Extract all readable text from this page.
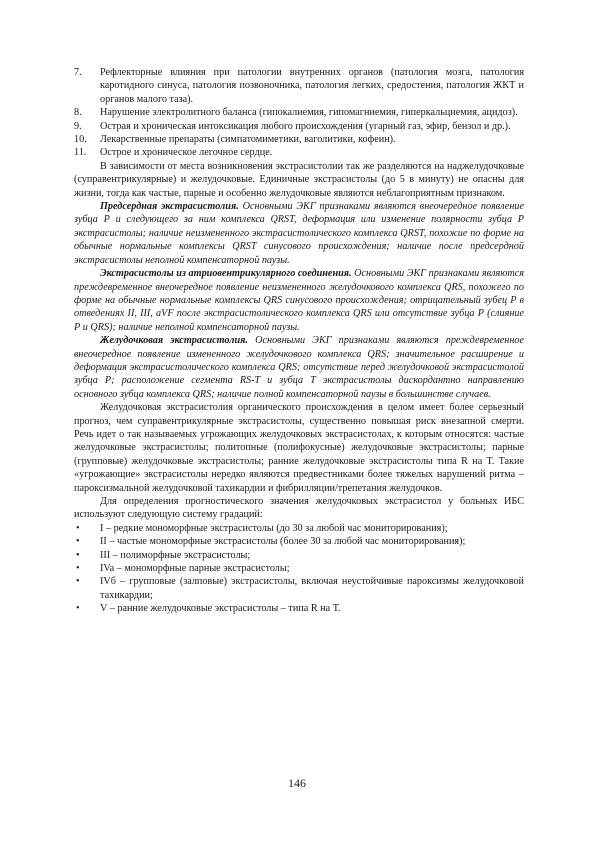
7.	Рефлекторные влияния при патологии внутренних органов (патология мозга, патология каротидного синуса, патология позвоночника, патология легких, средостения, патология ЖКТ и органов малого таза).
8.	Нарушение электролитного баланса (гипокалиемия, гипомагниемия, гиперкальциемия, ацидоз).
9.	Острая и хроническая интоксикация любого происхождения (угарный газ, эфир, бензол и др.).
10.	Лекарственные препараты (симпатомиметики, ваголитики, кофеин).
11.	Острое и хроническое легочное сердце.
В зависимости от места возникновения экстрасистолии так же разделяются на наджелудочковые (суправентрикулярные) и желудочковые. Единичные экстрасистолы (до 5 в минуту) не опасны для жизни, тогда как частые, парные и особенно желудочковые являются неблагоприятным признаком.
Предсердная экстрасистолия. Основными ЭКГ признаками являются внеочередное появление зубца Р и следующего за ним комплекса QRST, деформация или изменение полярности зубца Р экстрасистолы; наличие неизмененного экстрасистолического комплекса QRST, похожие по форме на обычные нормальные комплексы QRST синусового происхождения; наличие после предсердной экстрасистолы неполной компенсаторной паузы.
Экстрасистолы из атриовентрикулярного соединения. Основными ЭКГ признаками являются преждевременное внеочередное появление неизмененного желудочкового комплекса QRS, похожего по форме на обычные нормальные комплексы QRS синусового происхождения; отрицательный зубец Р в отведениях II, III, aVF после экстрасистолического комплекса QRS или отсутствие зубца Р (слияние Р и QRS); наличие неполной компенсаторной паузы.
Желудочковая экстрасистолия. Основными ЭКГ признаками являются преждевременное внеочередное появление измененного желудочкового комплекса QRS; значительное расширение и деформация экстрасистолического комплекса QRS; отсутствие перед желудочковой экстрасистолой зубца Р; расположение сегмента RS-T и зубца Т экстрасистолы дискордантно направлению основного зубца комплекса QRS; наличие полной компенсаторной паузы в большинстве случаев.
Желудочковая экстрасистолия органического происхождения в целом имеет более серьезный прогноз, чем суправентрикулярные экстрасистолы, существенно повышая риск внезапной смерти. Речь идет о так называемых угрожающих желудочковых экстрасистолах, к которым относятся: частые желудочковые экстрасистолы; политопные (полифокусные) желудочковые экстрасистолы; парные (групповые) желудочковые экстрасистолы; ранние желудочковые экстрасистолы типа R на Т. Такие «угрожающие» экстрасистолы нередко являются предвестниками более тяжелых нарушений ритма – пароксизмальной желудочковой тахикардии и фибрилляции/трепетания желудочков.
Для определения прогностического значения желудочковых экстрасистол у больных ИБС используют следующую систему градаций:
•	I – редкие мономорфные экстрасистолы (до 30 за любой час мониторирования);
•	II – частые мономорфные экстрасистолы (более 30 за любой час мониторирования);
•	III – полиморфные экстрасистолы;
•	IVa – мономорфные парные экстрасистолы;
•	IVб – групповые (залповые) экстрасистолы, включая неустойчивые пароксизмы желудочковой тахикардии;
•	V – ранние желудочковые экстрасистолы – типа R на Т.
146
